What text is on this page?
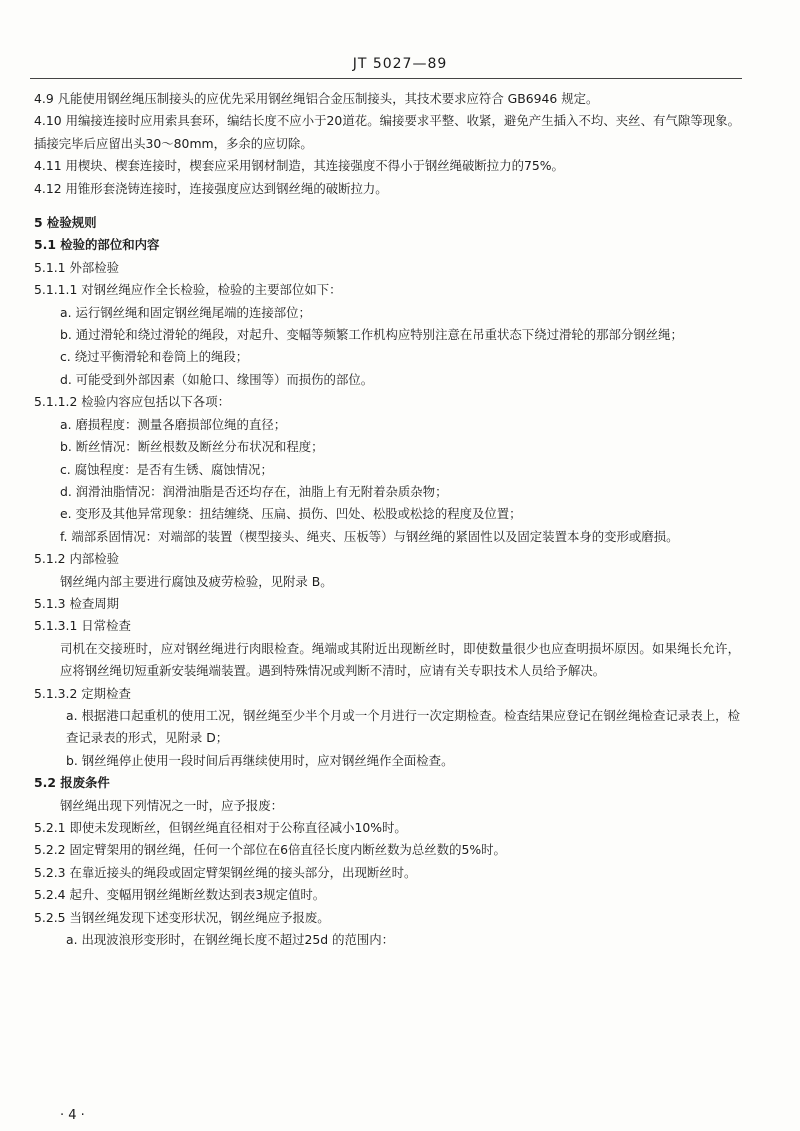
JT 5027—89

4.9 凡能使用钢丝绳压制接头的应优先采用钢丝绳铝合金压制接头，其技术要求应符合 GB6946 规定。

4.10 用编接连接时应用索具套环，编结长度不应小于20道花。编接要求平整、收紧，避免产生插入不均、夹丝、有气隙等现象。插接完毕后应留出头30～80mm，多余的应切除。

4.11 用楔块、楔套连接时，楔套应采用钢材制造，其连接强度不得小于钢丝绳破断拉力的75%。

4.12 用锥形套浇铸连接时，连接强度应达到钢丝绳的破断拉力。

5 检验规则

5.1 检验的部位和内容

5.1.1 外部检验

5.1.1.1 对钢丝绳应作全长检验，检验的主要部位如下：

a. 运行钢丝绳和固定钢丝绳尾端的连接部位；

b. 通过滑轮和绕过滑轮的绳段，对起升、变幅等频繁工作机构应特别注意在吊重状态下绕过滑轮的那部分钢丝绳；

c. 绕过平衡滑轮和卷筒上的绳段；

d. 可能受到外部因素（如舱口、缘围等）而损伤的部位。

5.1.1.2 检验内容应包括以下各项：

a. 磨损程度：测量各磨损部位绳的直径；

b. 断丝情况：断丝根数及断丝分布状况和程度；

c. 腐蚀程度：是否有生锈、腐蚀情况；

d. 润滑油脂情况：润滑油脂是否还均存在，油脂上有无附着杂质杂物；

e. 变形及其他异常现象：扭结缠绕、压扁、损伤、凹处、松股或松捻的程度及位置；

f. 端部系固情况：对端部的装置（楔型接头、绳夹、压板等）与钢丝绳的紧固性以及固定装置本身的变形或磨损。

5.1.2 内部检验

钢丝绳内部主要进行腐蚀及疲劳检验，见附录 B。

5.1.3 检查周期

5.1.3.1 日常检查

司机在交接班时，应对钢丝绳进行肉眼检查。绳端或其附近出现断丝时，即使数量很少也应查明损坏原因。如果绳长允许，应将钢丝绳切短重新安装绳端装置。遇到特殊情况或判断不清时，应请有关专职技术人员给予解决。

5.1.3.2 定期检查

a. 根据港口起重机的使用工况，钢丝绳至少半个月或一个月进行一次定期检查。检查结果应登记在钢丝绳检查记录表上，检查记录表的形式，见附录 D；

b. 钢丝绳停止使用一段时间后再继续使用时，应对钢丝绳作全面检查。

5.2 报废条件

钢丝绳出现下列情况之一时，应予报废：

5.2.1 即使未发现断丝，但钢丝绳直径相对于公称直径减小10%时。

5.2.2 固定臂架用的钢丝绳，任何一个部位在6倍直径长度内断丝数为总丝数的5%时。

5.2.3 在靠近接头的绳段或固定臂架钢丝绳的接头部分，出现断丝时。

5.2.4 起升、变幅用钢丝绳断丝数达到表3规定值时。

5.2.5 当钢丝绳发现下述变形状况，钢丝绳应予报废。

a. 出现波浪形变形时，在钢丝绳长度不超过25d 的范围内：

· 4 ·
